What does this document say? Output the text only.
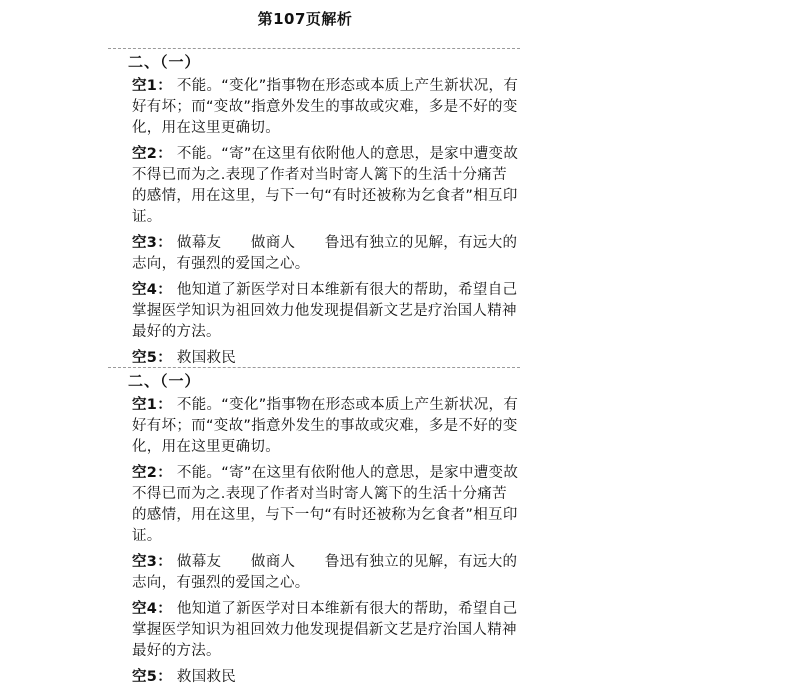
第107页解析
二、（一）
空1： 不能。“变化”指事物在形态或本质上产生新状况，有好有坏；而“变故”指意外发生的事故或灾难，多是不好的变化，用在这里更确切。
空2： 不能。“寄”在这里有依附他人的意思，是家中遭变故不得已而为之.表现了作者对当时寄人篱下的生活十分痛苦的感情，用在这里，与下一句“有时还被称为乞食者”相互印证。
空3： 做幕友　　做商人　　鲁迅有独立的见解，有远大的志向，有强烈的爱国之心。
空4： 他知道了新医学对日本维新有很大的帮助，希望自己掌握医学知识为祖回效力他发现提倡新文艺是疗治国人精神最好的方法。
空5： 救国救民
二、（一）
空1： 不能。“变化”指事物在形态或本质上产生新状况，有好有坏；而“变故”指意外发生的事故或灾难，多是不好的变化，用在这里更确切。
空2： 不能。“寄”在这里有依附他人的意思，是家中遭变故不得已而为之.表现了作者对当时寄人篱下的生活十分痛苦的感情，用在这里，与下一句“有时还被称为乞食者”相互印证。
空3： 做幕友　　做商人　　鲁迅有独立的见解，有远大的志向，有强烈的爱国之心。
空4： 他知道了新医学对日本维新有很大的帮助，希望自己掌握医学知识为祖回效力他发现提倡新文艺是疗治国人精神最好的方法。
空5： 救国救民
